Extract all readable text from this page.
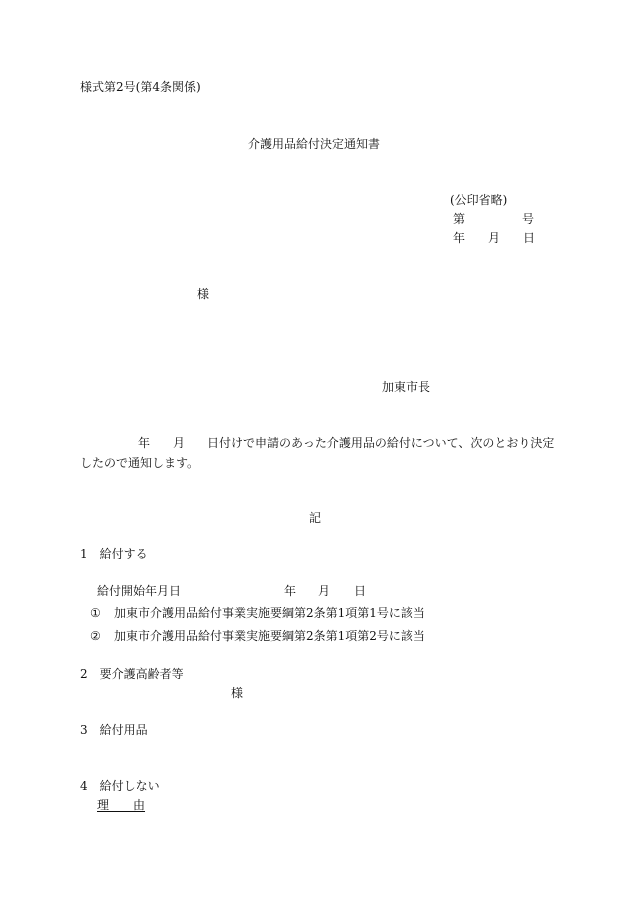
様式第2号(第4条関係)
介護用品給付決定通知書
(公印省略)
第	号
年 月 日
様
加東市長
年 月 日付けで申請のあった介護用品の給付について、次のとおり決定
したので通知します。
記
1　給付する
給付開始年月日	年 月 日
① 加東市介護用品給付事業実施要綱第2条第1項第1号に該当
② 加東市介護用品給付事業実施要綱第2条第1項第2号に該当
2　要介護高齢者等
様
3　給付用品
4　給付しない
理　　由
